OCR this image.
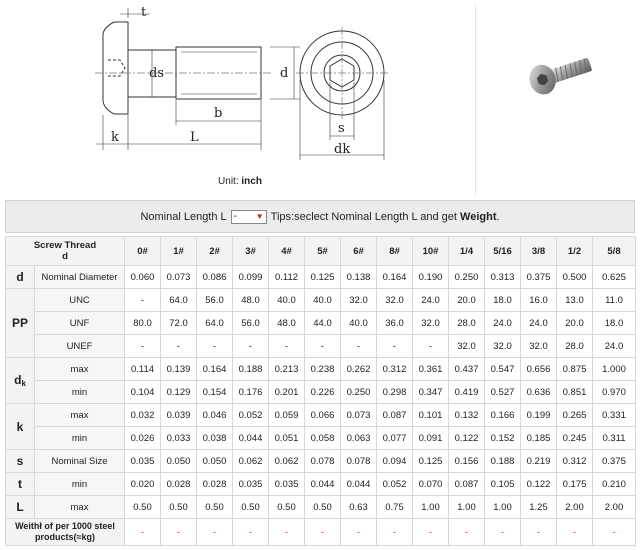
t
ds	d
b
k	L
s
dk
Unit: inch
Nominal Length L - ▼ Tips:seclect Nominal Length L and get
Weight .
Screw Thread
d		0#	1#	2#	3#	4#	5#	6#	8#	10#	1/4	5/16	3/8	1/2	5/8
d	Nominal Diameter	0.060	0.073	0.086	0.099	0.112	0.125	0.138	0.164	0.190	0.250	0.313	0.375	0.500	0.625
PP	UNC	-	64.0	56.0	48.0	40.0	40.0	32.0	32.0	24.0	20.0	18.0	16.0	13.0	11.0
	UNF	80.0	72.0	64.0	56.0	48.0	44.0	40.0	36.0	32.0	28.0	24.0	24.0	20.0	18.0
	UNEF	-	-	-	-	-	-	-	-	-	32.0	32.0	32.0	28.0	24.0
$d_k$	max	0.114	0.139	0.164	0.188	0.213	0.238	0.262	0.312	0.361	0.437	0.547	0.656	0.875	1.000
	min	0.104	0.129	0.154	0.176	0.201	0.226	0.250	0.298	0.347	0.419	0.527	0.636	0.851	0.970
k	max	0.032	0.039	0.046	0.052	0.059	0.066	0.073	0.087	0.101	0.132	0.166	0.199	0.265	0.331
	min	0.026	0.033	0.038	0.044	0.051	0.058	0.063	0.077	0.091	0.122	0.152	0.185	0.245	0.311
s	Nominal Size	0.035	0.050	0.050	0.062	0.062	0.078	0.078	0.094	0.125	0.156	0.188	0.219	0.312	0.375
t	min	0.020	0.028	0.028	0.035	0.035	0.044	0.044	0.052	0.070	0.087	0.105	0.122	0.175	0.210
L	max	0.50	0.50	0.50	0.50	0.50	0.50	0.63	0.75	1.00	1.00	1.00	1.25	2.00	2.00
Weithł of per 1000 steel products(≈kg)		-	-	-	-	-	-	-	-	-	-	-	-	-	-
